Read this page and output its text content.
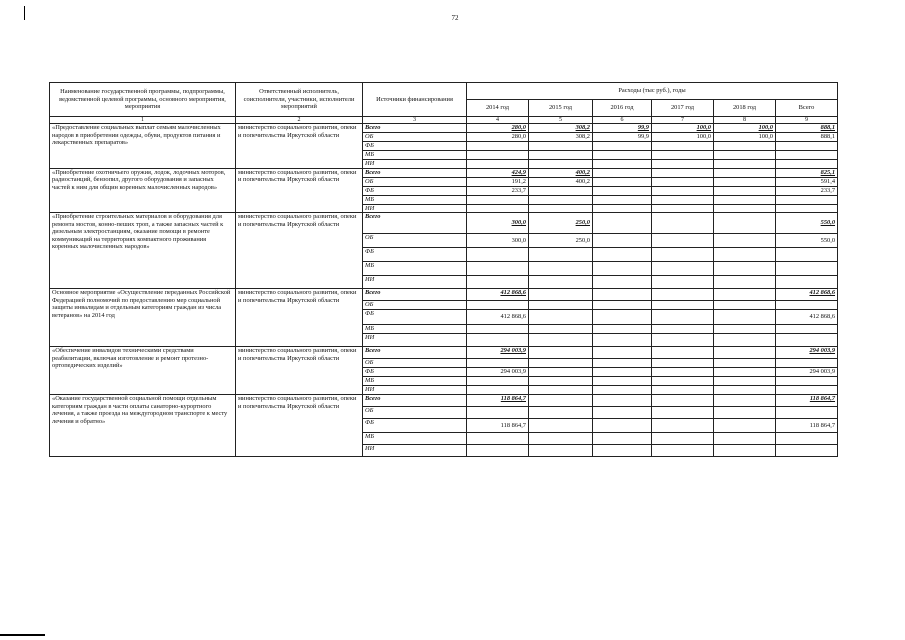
72
Наименование государственной программы, подпрограммы, ведомственной целевой программы, основного мероприятия, мероприятия	Ответственный исполнитель, соисполнители, участники, исполнители мероприятий	Источники финансирования	Расходы (тыс руб.), годы					
			2014 год	2015 год	2016 год	2017 год	2018 год	Всего
1	2	3	4	5	6	7	8	9
«Предоставление социальных выплат семьям малочисленных народов в приобретении одежды, обуви, продуктов питания и лекарственных препаратов»	министерство социального развития, опеки и попечительства Иркутской области	Всего	280,0	308,2	99,9	100,0	100,0	888,1
		ОБ	280,0	308,2	99,9	100,0	100,0	888,1
		ФБ						
		МБ						
		ИИ						
«Приобретение охотничьего оружия, лодок, лодочных моторов, радиостанций, бензопил, другого оборудования и запасных частей к ним для общин коренных малочисленных народов»	министерство социального развития, опеки и попечительства Иркутской области	Всего	424,9	400,2				825,1
		ОБ	191,2	400,2				591,4
		ФБ	233,7					233,7
		МБ						
		ИИ						
«Приобретение строительных материалов и оборудования для ремонта мостов, конно-пеших троп, а также запасных частей к дизельным электростанциям, оказание помощи в ремонте коммуникаций на территориях компактного проживания коренных малочисленных народов»	министерство социального развития, опеки и попечительства Иркутской области	Всего	300,0	250,0				550,0
		ОБ	300,0	250,0				550,0
		ФБ						
		МБ						
		ИИ						
Основное мероприятие «Осуществление переданных Российской Федерацией полномочий по предоставлению мер социальной защиты инвалидам и отдельным категориям граждан из числа ветеранов» на 2014 год	министерство социального развития, опеки и попечительства Иркутской области	Всего	412 868,6					412 868,6
		ОБ						
		ФБ	412 868,6					412 868,6
		МБ						
		ИИ						
«Обеспечение инвалидов техническими средствами реабилитации, включая изготовление и ремонт протезно-ортопедических изделий»	министерство социального развития, опеки и попечительства Иркутской области	Всего	294 003,9					294 003,9
		ОБ						
		ФБ	294 003,9					294 003,9
		МБ						
		ИИ						
«Оказание государственной социальной помощи отдельным категориям граждан в части оплаты санаторно-курортного лечения, а также проезда на междугородном транспорте к месту лечения и обратно»	министерство социального развития, опеки и попечительства Иркутской области	Всего	118 864,7					118 864,7
		ОБ						
		ФБ	118 864,7					118 864,7
		МБ						
		ИИ						
